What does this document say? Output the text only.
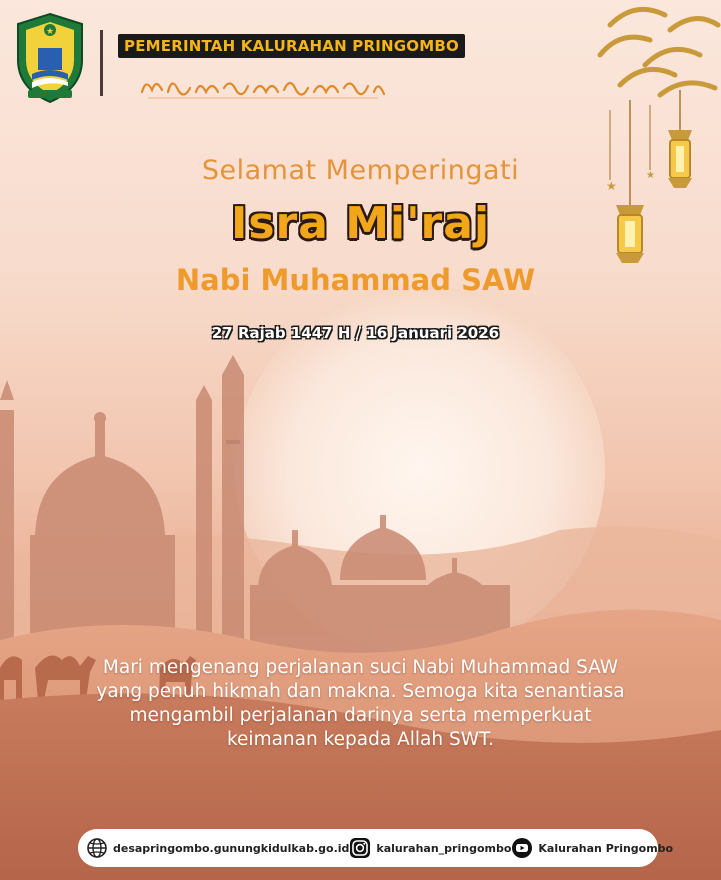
★
★
★
PEMERINTAH KALURAHAN PRINGOMBO
Selamat Memperingati
Isra Mi'raj
Nabi Muhammad SAW
27 Rajab 1447 H / 16 Januari 2026
Mari mengenang perjalanan suci Nabi Muhammad SAW
yang penuh hikmah dan makna. Semoga kita senantiasa
mengambil perjalanan darinya serta memperkuat
keimanan kepada Allah SWT.
desapringombo.gunungkidulkab.go.id kalurahan_pringombo Kalurahan Pringombo
